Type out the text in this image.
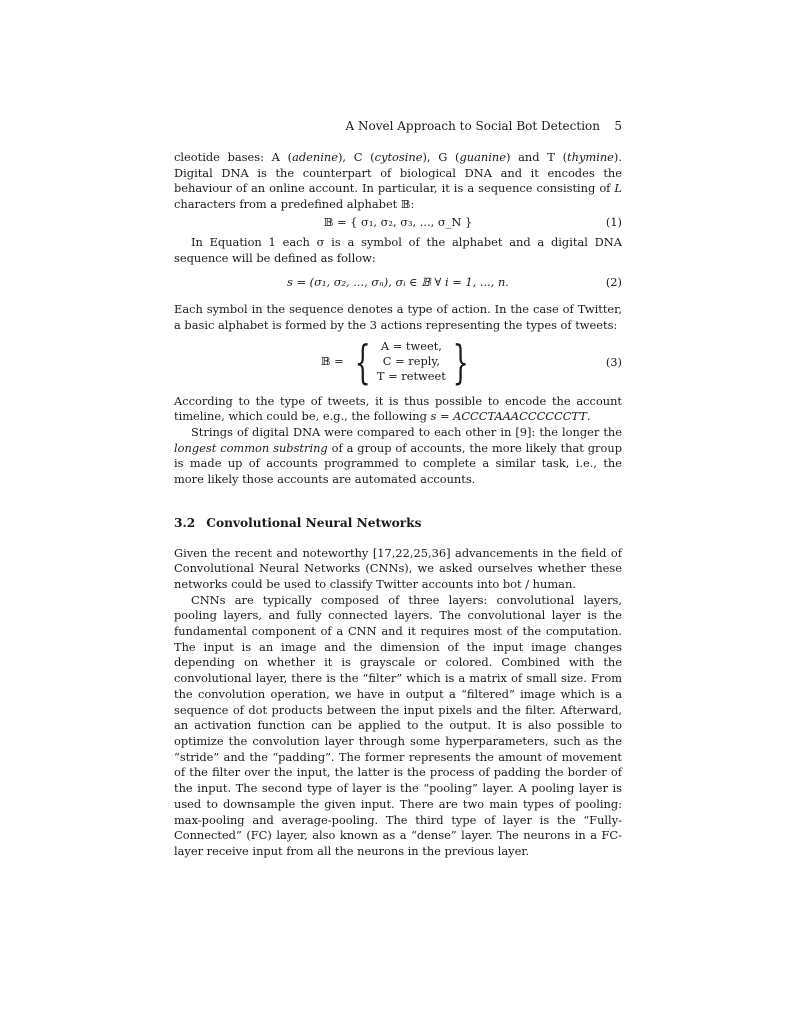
A Novel Approach to Social Bot Detection 5

cleotide bases: A (adenine), C (cytosine), G (guanine) and T (thymine). Digital DNA is the counterpart of biological DNA and it encodes the behaviour of an online account. In particular, it is a sequence consisting of L characters from a predefined alphabet 𝔹:

𝔹 = { σ₁, σ₂, σ₃, ..., σ_N }	(1)

In Equation 1 each σ is a symbol of the alphabet and a digital DNA sequence will be defined as follow:

s = (σ₁, σ₂, ..., σₙ), σᵢ ∈ 𝔹 ∀ i = 1, ..., n.	(2)

Each symbol in the sequence denotes a type of action. In the case of Twitter, a basic alphabet is formed by the 3 actions representing the types of tweets:

𝔹 = { A = tweet,
C = reply,
T = retweet }	(3)

According to the type of tweets, it is thus possible to encode the account timeline, which could be, e.g., the following s = ACCCTAAACCCCCCTT.

Strings of digital DNA were compared to each other in [9]: the longer the longest common substring of a group of accounts, the more likely that group is made up of accounts programmed to complete a similar task, i.e., the more likely those accounts are automated accounts.

3.2 Convolutional Neural Networks

Given the recent and noteworthy [17,22,25,36] advancements in the field of Convolutional Neural Networks (CNNs), we asked ourselves whether these networks could be used to classify Twitter accounts into bot / human.

CNNs are typically composed of three layers: convolutional layers, pooling layers, and fully connected layers. The convolutional layer is the fundamental component of a CNN and it requires most of the computation. The input is an image and the dimension of the input image changes depending on whether it is grayscale or colored. Combined with the convolutional layer, there is the “filter” which is a matrix of small size. From the convolution operation, we have in output a “filtered” image which is a sequence of dot products between the input pixels and the filter. Afterward, an activation function can be applied to the output. It is also possible to optimize the convolution layer through some hyperparameters, such as the “stride” and the “padding”. The former represents the amount of movement of the filter over the input, the latter is the process of padding the border of the input. The second type of layer is the “pooling” layer. A pooling layer is used to downsample the given input. There are two main types of pooling: max-pooling and average-pooling. The third type of layer is the “Fully-Connected” (FC) layer, also known as a “dense” layer. The neurons in a FC-layer receive input from all the neurons in the previous layer.
